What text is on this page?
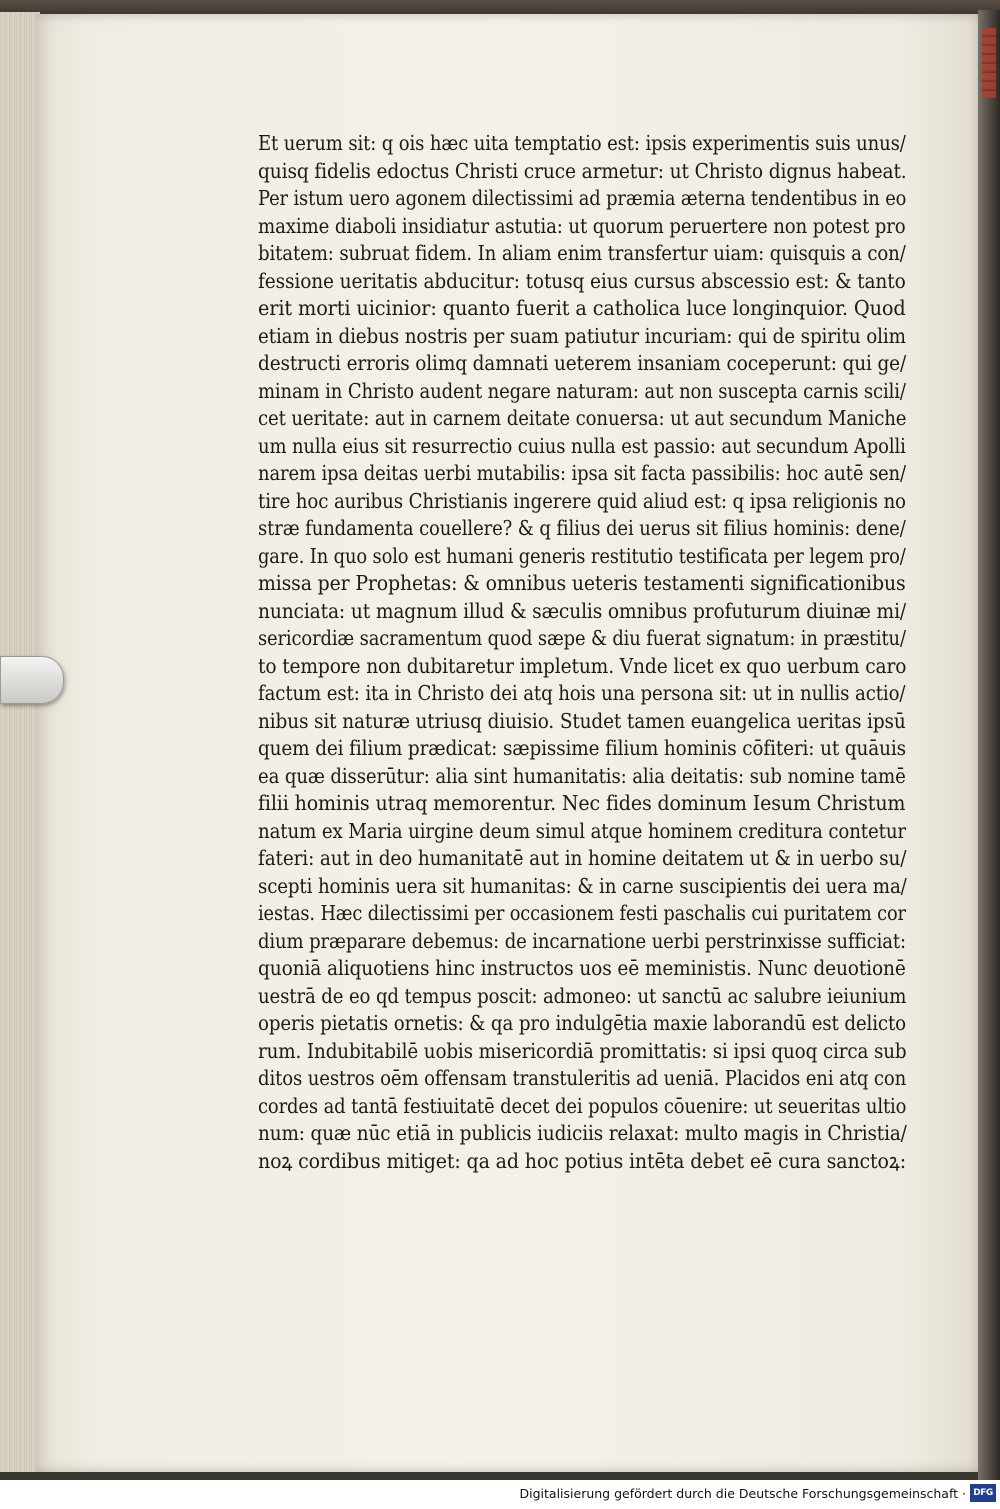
Et uerum sit: q ois hæc uita temptatio est: ipsis experimentis suis unus/
quisq fidelis edoctus Christi cruce armetur: ut Christo dignus habeat.
Per istum uero agonem dilectissimi ad præmia æterna tendentibus in eo
maxime diaboli insidiatur astutia: ut quorum peruertere non potest pro
bitatem: subruat fidem. In aliam enim transfertur uiam: quisquis a con/
fessione ueritatis abducitur: totusq eius cursus abscessio est: & tanto
erit morti uicinior: quanto fuerit a catholica luce longinquior. Quod
etiam in diebus nostris per suam patiutur incuriam: qui de spiritu olim
destructi erroris olimq damnati ueterem insaniam coceperunt: qui ge/
minam in Christo audent negare naturam: aut non suscepta carnis scili/
cet ueritate: aut in carnem deitate conuersa: ut aut secundum Maniche
um nulla eius sit resurrectio cuius nulla est passio: aut secundum Apolli
narem ipsa deitas uerbi mutabilis: ipsa sit facta passibilis: hoc autē sen/
tire hoc auribus Christianis ingerere quid aliud est: q ipsa religionis no
stræ fundamenta couellere? & q filius dei uerus sit filius hominis: dene/
gare. In quo solo est humani generis restitutio testificata per legem pro/
missa per Prophetas: & omnibus ueteris testamenti significationibus
nunciata: ut magnum illud & sæculis omnibus profuturum diuinæ mi/
sericordiæ sacramentum quod sæpe & diu fuerat signatum: in præstitu/
to tempore non dubitaretur impletum. Vnde licet ex quo uerbum caro
factum est: ita in Christo dei atq hois una persona sit: ut in nullis actio/
nibus sit naturæ utriusq diuisio. Studet tamen euangelica ueritas ipsū
quem dei filium prædicat: sæpissime filium hominis cōfiteri: ut quāuis
ea quæ disserūtur: alia sint humanitatis: alia deitatis: sub nomine tamē
filii hominis utraq memorentur. Nec fides dominum Iesum Christum
natum ex Maria uirgine deum simul atque hominem creditura contetur
fateri: aut in deo humanitatē aut in homine deitatem ut & in uerbo su/
scepti hominis uera sit humanitas: & in carne suscipientis dei uera ma/
iestas. Hæc dilectissimi per occasionem festi paschalis cui puritatem cor
dium præparare debemus: de incarnatione uerbi perstrinxisse sufficiat:
quoniā aliquotiens hinc instructos uos eē meministis. Nunc deuotionē
uestrā de eo qd tempus poscit: admoneo: ut sanctū ac salubre ieiunium
operis pietatis ornetis: & qa pro indulgētia maxie laborandū est delicto
rum. Indubitabilē uobis misericordiā promittatis: si ipsi quoq circa sub
ditos uestros oēm offensam transtuleritis ad ueniā. Placidos eni atq con
cordes ad tantā festiuitatē decet dei populos cōuenire: ut seueritas ultio
num: quæ nūc etiā in publicis iudiciis relaxat: multo magis in Christia/
noꝝ cordibus mitiget: qa ad hoc potius intēta debet eē cura sanctoꝝ:
Digitalisierung gefördert durch die Deutsche Forschungsgemeinschaft · DFG
